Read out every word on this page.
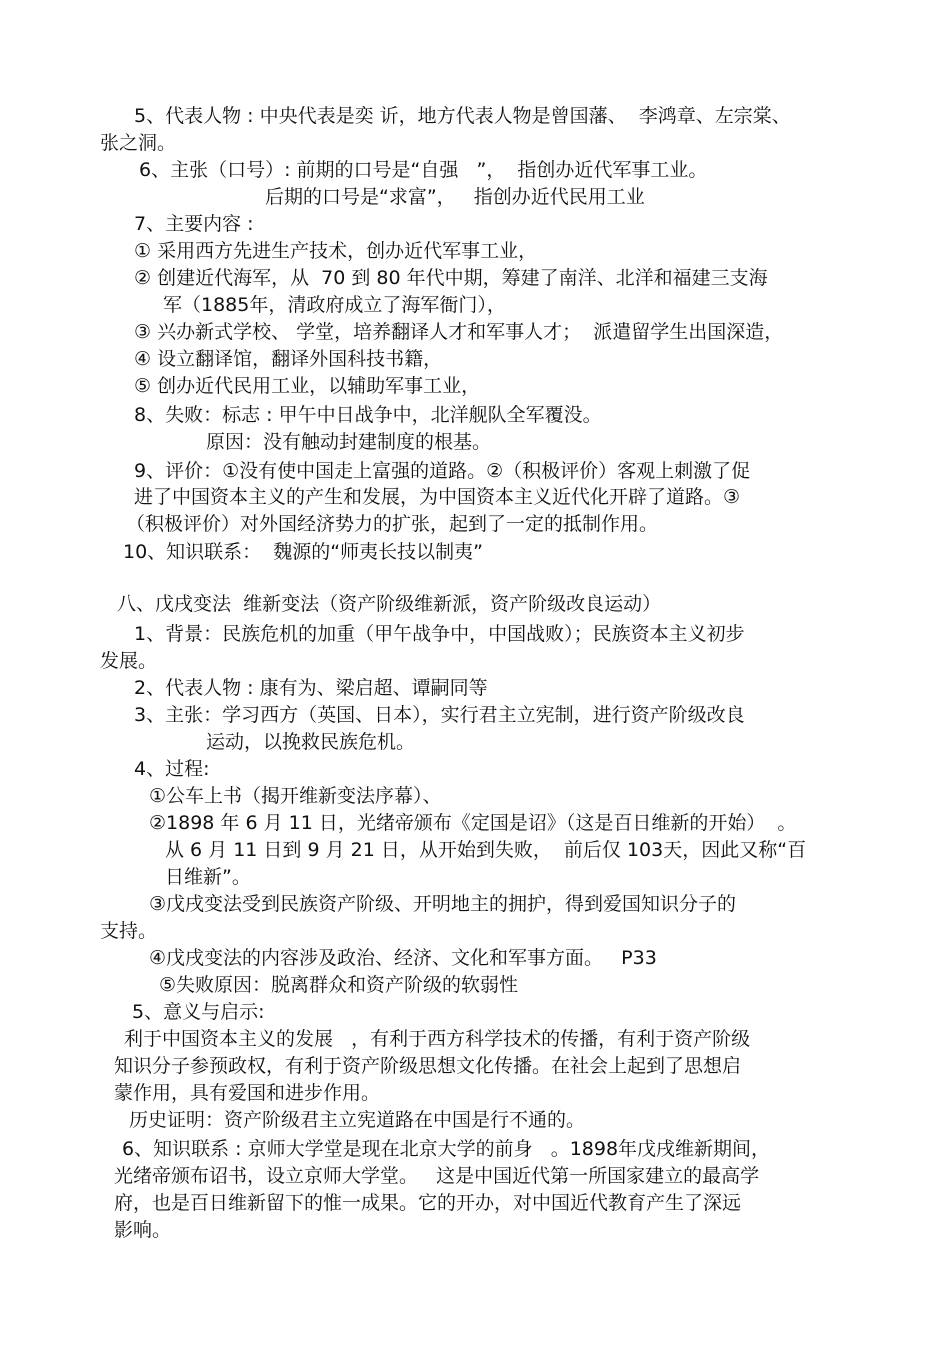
5、代表人物 : 中央代表是奕 䜣，地方代表人物是曾国藩、  李鸿章、左宗棠、
张之洞。
6、主张（口号）: 前期的口号是“自强   ”，  指创办近代军事工业。
后期的口号是“求富”，   指创办近代民用工业
7、主要内容 :
① 采用西方先进生产技术，创办近代军事工业，
② 创建近代海军，从  70 到 80 年代中期，筹建了南洋、北洋和福建三支海
军（1885年，清政府成立了海军衙门），
③ 兴办新式学校、 学堂，培养翻译人才和军事人才；  派遣留学生出国深造，
④ 设立翻译馆，翻译外国科技书籍，
⑤ 创办近代民用工业，以辅助军事工业，
8、失败：标志 : 甲午中日战争中，北洋舰队全军覆没。
原因：没有触动封建制度的根基。
9、评价：①没有使中国走上富强的道路。②（积极评价）客观上刺激了促
进了中国资本主义的产生和发展，为中国资本主义近代化开辟了道路。③
（积极评价）对外国经济势力的扩张，起到了一定的抵制作用。
10、知识联系：  魏源的“师夷长技以制夷”
八、戊戌变法  维新变法（资产阶级维新派，资产阶级改良运动）
1、背景：民族危机的加重（甲午战争中，中国战败）；民族资本主义初步
发展。
2、代表人物 : 康有为、梁启超、谭嗣同等
3、主张：学习西方（英国、日本），实行君主立宪制，进行资产阶级改良
运动，以挽救民族危机。
4、过程:
①公车上书（揭开维新变法序幕）、
②1898 年 6 月 11 日，光绪帝颁布《定国是诏》（这是百日维新的开始）  。
从 6 月 11 日到 9 月 21 日，从开始到失败，  前后仅 103天，因此又称“百
日维新”。
③戊戌变法受到民族资产阶级、开明地主的拥护，得到爱国知识分子的
支持。
④戊戌变法的内容涉及政治、经济、文化和军事方面。   P33
⑤失败原因：脱离群众和资产阶级的软弱性
5、意义与启示:
利于中国资本主义的发展   ，有利于西方科学技术的传播，有利于资产阶级
知识分子参预政权，有利于资产阶级思想文化传播。在社会上起到了思想启
蒙作用，具有爱国和进步作用。
历史证明：资产阶级君主立宪道路在中国是行不通的。
6、知识联系 : 京师大学堂是现在北京大学的前身   。1898年戊戌维新期间，
光绪帝颁布诏书，设立京师大学堂。   这是中国近代第一所国家建立的最高学
府，也是百日维新留下的惟一成果。它的开办，对中国近代教育产生了深远
影响。
